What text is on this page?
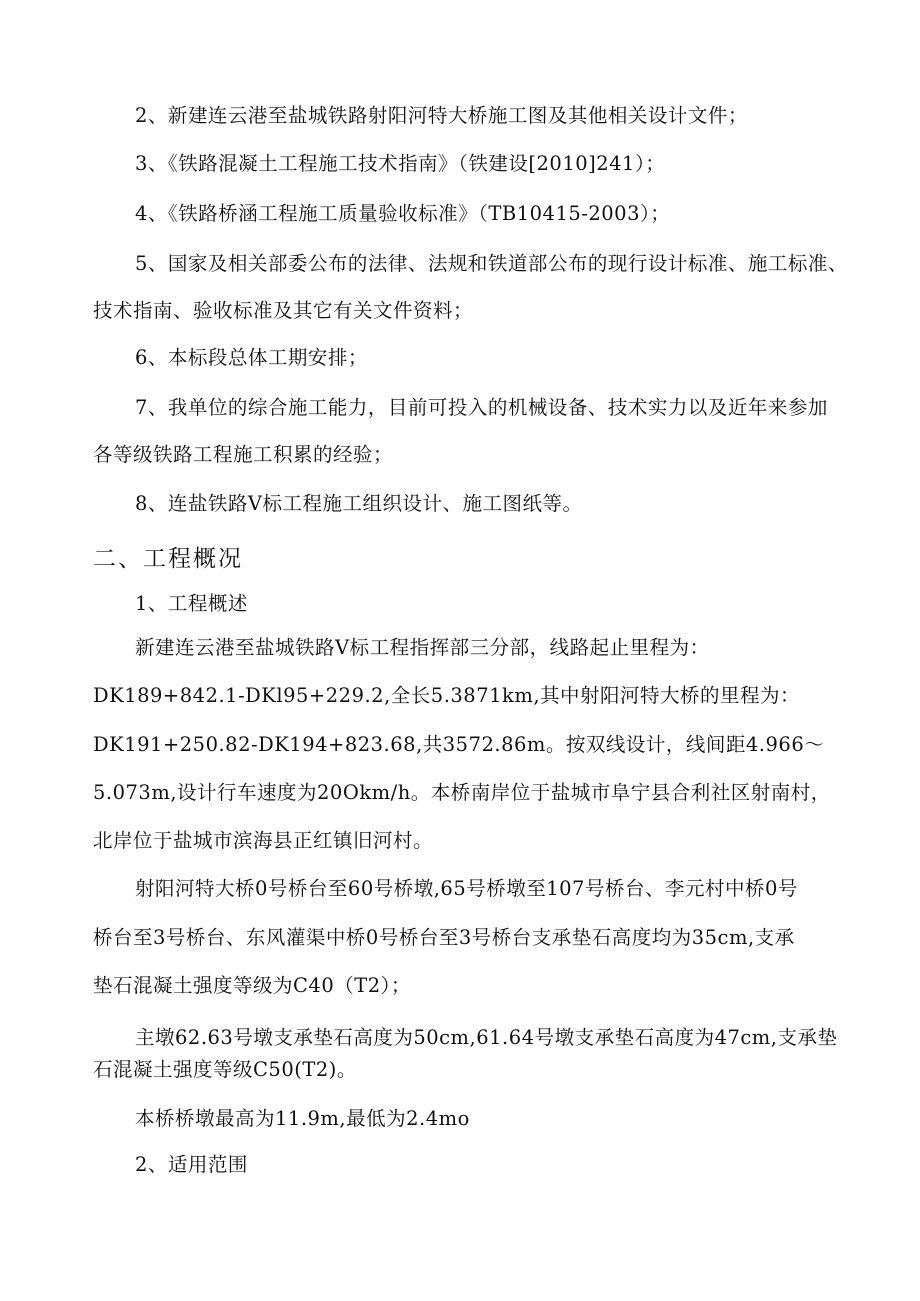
2、新建连云港至盐城铁路射阳河特大桥施工图及其他相关设计文件；
3、《铁路混凝土工程施工技术指南》（铁建设[2010]241）；
4、《铁路桥涵工程施工质量验收标准》（TB10415-2003）；
5、国家及相关部委公布的法律、法规和铁道部公布的现行设计标准、施工标准、
技术指南、验收标准及其它有关文件资料；
6、本标段总体工期安排；
7、我单位的综合施工能力，目前可投入的机械设备、技术实力以及近年来参加
各等级铁路工程施工积累的经验；
8、连盐铁路Ⅴ标工程施工组织设计、施工图纸等。
二、工程概况
1、工程概述
新建连云港至盐城铁路Ⅴ标工程指挥部三分部，线路起止里程为：
DK189+842.1-DKl95+229.2,全长5.3871km,其中射阳河特大桥的里程为：
DK191+250.82-DK194+823.68,共3572.86m。按双线设计，线间距4.966～
5.073m,设计行车速度为20Okm/h。本桥南岸位于盐城市阜宁县合利社区射南村，
北岸位于盐城市滨海县正红镇旧河村。
射阳河特大桥0号桥台至60号桥墩,65号桥墩至107号桥台、李元村中桥0号
桥台至3号桥台、东风灌渠中桥0号桥台至3号桥台支承垫石高度均为35cm,支承
垫石混凝土强度等级为C40（T2）；
主墩62.63号墩支承垫石高度为50cm,61.64号墩支承垫石高度为47cm,支承垫
石混凝土强度等级C50(T2)。
本桥桥墩最高为11.9m,最低为2.4mo
2、适用范围
